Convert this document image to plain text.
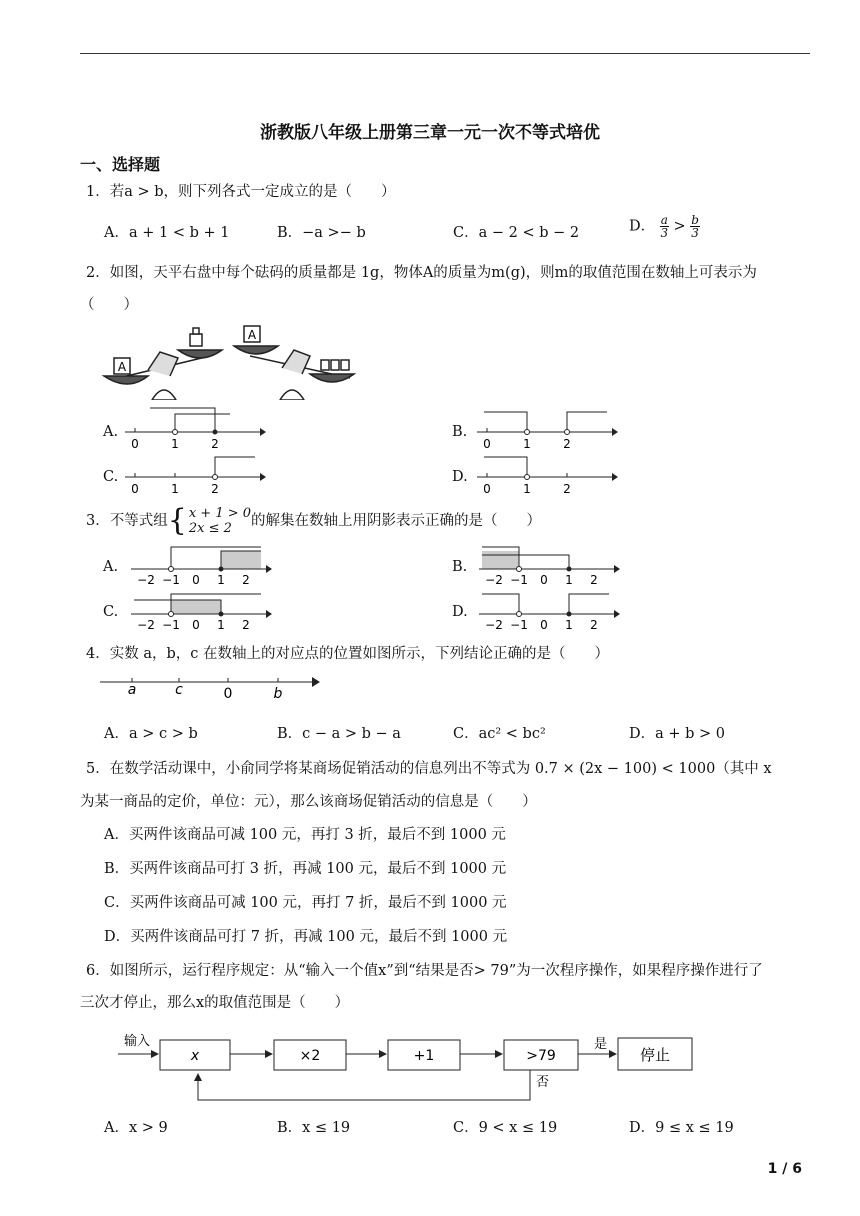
浙教版八年级上册第三章一元一次不等式培优
一、选择题
1．若a > b，则下列各式一定成立的是（　　）
A．a + 1 < b + 1	B．−a >− b	C．a − 2 < b − 2	D． $\frac{a}{3} > \frac{b}{3}$
2．如图，天平右盘中每个砝码的质量都是 1g，物体A的质量为m(g)，则m的取值范围在数轴上可表示为
（　　）
A
A
A.
0	1	2
B.
0	1	2
C.
0	1	2
D.
0	1	2
3．不等式组 { x + 1 > 0
2x ≤ 2	的解集在数轴上用阴影表示正确的是（　　）
A.
−2 −1 0 1 2
B.
−2 −1 0 1 2
C.
−2 −1 0 1 2
D.
−2 −1 0 1 2
4．实数 a，b，c 在数轴上的对应点的位置如图所示，下列结论正确的是（　　）
a	c	0	b
A．a > c > b	B．c − a > b − a	C．ac² < bc²	D．a + b > 0
5．在数学活动课中，小俞同学将某商场促销活动的信息列出不等式为 0.7 × (2x − 100) < 1000（其中 x
为某一商品的定价，单位：元），那么该商场促销活动的信息是（　　）
A．买两件该商品可减 100 元，再打 3 折，最后不到 1000 元
B．买两件该商品可打 3 折，再减 100 元，最后不到 1000 元
C．买两件该商品可减 100 元，再打 7 折，最后不到 1000 元
D．买两件该商品可打 7 折，再减 100 元，最后不到 1000 元
6．如图所示，运行程序规定：从“输入一个值x”到“结果是否> 79”为一次程序操作，如果程序操作进行了
三次才停止，那么x的取值范围是（　　）
输入
x	×2	+1	>79
是
停止
否
A．x > 9	B．x ≤ 19	C．9 < x ≤ 19	D．9 ≤ x ≤ 19
1 / 6
